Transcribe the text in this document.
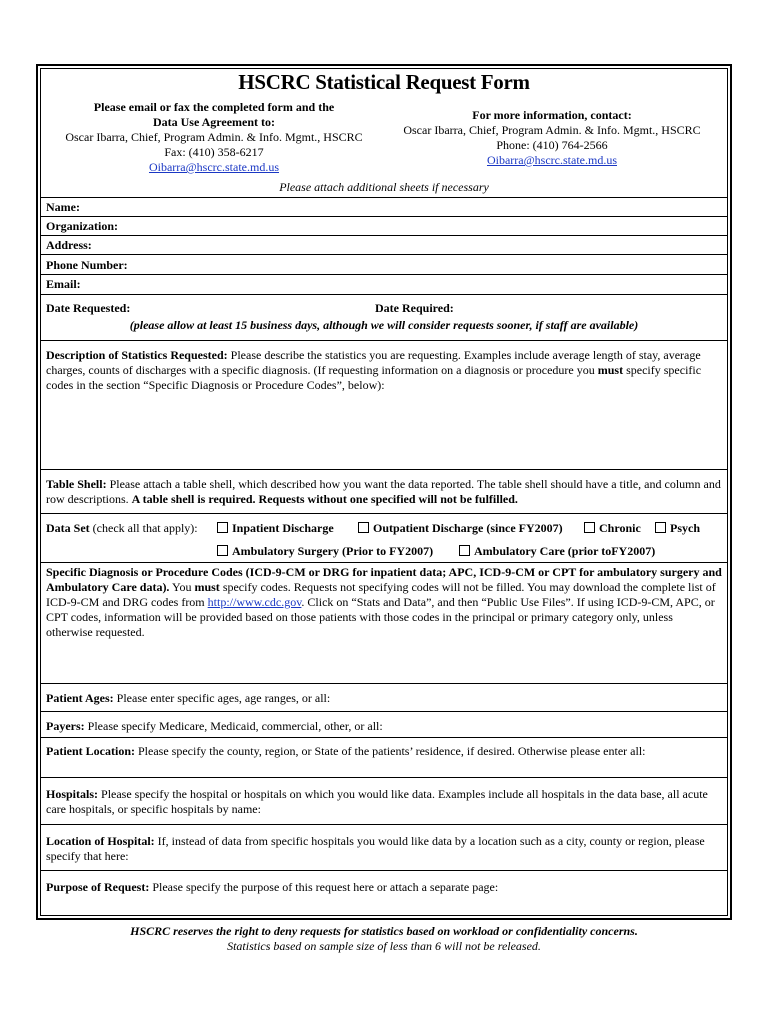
HSCRC Statistical Request Form
Please email or fax the completed form and the
Data Use Agreement to:
Oscar Ibarra, Chief, Program Admin. & Info. Mgmt., HSCRC
Fax: (410) 358-6217
Oibarra@hscrc.state.md.us
For more information, contact:
Oscar Ibarra, Chief, Program Admin. & Info. Mgmt., HSCRC
Phone: (410) 764-2566
Oibarra@hscrc.state.md.us
Please attach additional sheets if necessary
Name:
Organization:
Address:
Phone Number:
Email:
Date Requested:	Date Required:
(please allow at least 15 business days, although we will consider requests sooner, if staff are available)
Description of Statistics Requested: Please describe the statistics you are requesting. Examples include average length of stay, average charges, counts of discharges with a specific diagnosis. (If requesting information on a diagnosis or procedure you must specify specific codes in the section “Specific Diagnosis or Procedure Codes”, below):
Table Shell: Please attach a table shell, which described how you want the data reported. The table shell should have a title, and column and row descriptions. A table shell is required. Requests without one specified will not be fulfilled.
Data Set (check all that apply):	Inpatient Discharge	Outpatient Discharge (since FY2007)	Chronic	Psych
Ambulatory Surgery (Prior to FY2007)	Ambulatory Care (prior toFY2007)
Specific Diagnosis or Procedure Codes (ICD-9-CM or DRG for inpatient data; APC, ICD-9-CM or CPT for ambulatory surgery and Ambulatory Care data). You must specify codes. Requests not specifying codes will not be filled. You may download the complete list of ICD-9-CM and DRG codes from http://www.cdc.gov. Click on “Stats and Data”, and then “Public Use Files”. If using ICD-9-CM, APC, or CPT codes, information will be provided based on those patients with those codes in the principal or primary category only, unless otherwise requested.
Patient Ages: Please enter specific ages, age ranges, or all:
Payers: Please specify Medicare, Medicaid, commercial, other, or all:
Patient Location: Please specify the county, region, or State of the patients’ residence, if desired. Otherwise please enter all:
Hospitals: Please specify the hospital or hospitals on which you would like data. Examples include all hospitals in the data base, all acute care hospitals, or specific hospitals by name:
Location of Hospital: If, instead of data from specific hospitals you would like data by a location such as a city, county or region, please specify that here:
Purpose of Request: Please specify the purpose of this request here or attach a separate page:
HSCRC reserves the right to deny requests for statistics based on workload or confidentiality concerns.
Statistics based on sample size of less than 6 will not be released.
